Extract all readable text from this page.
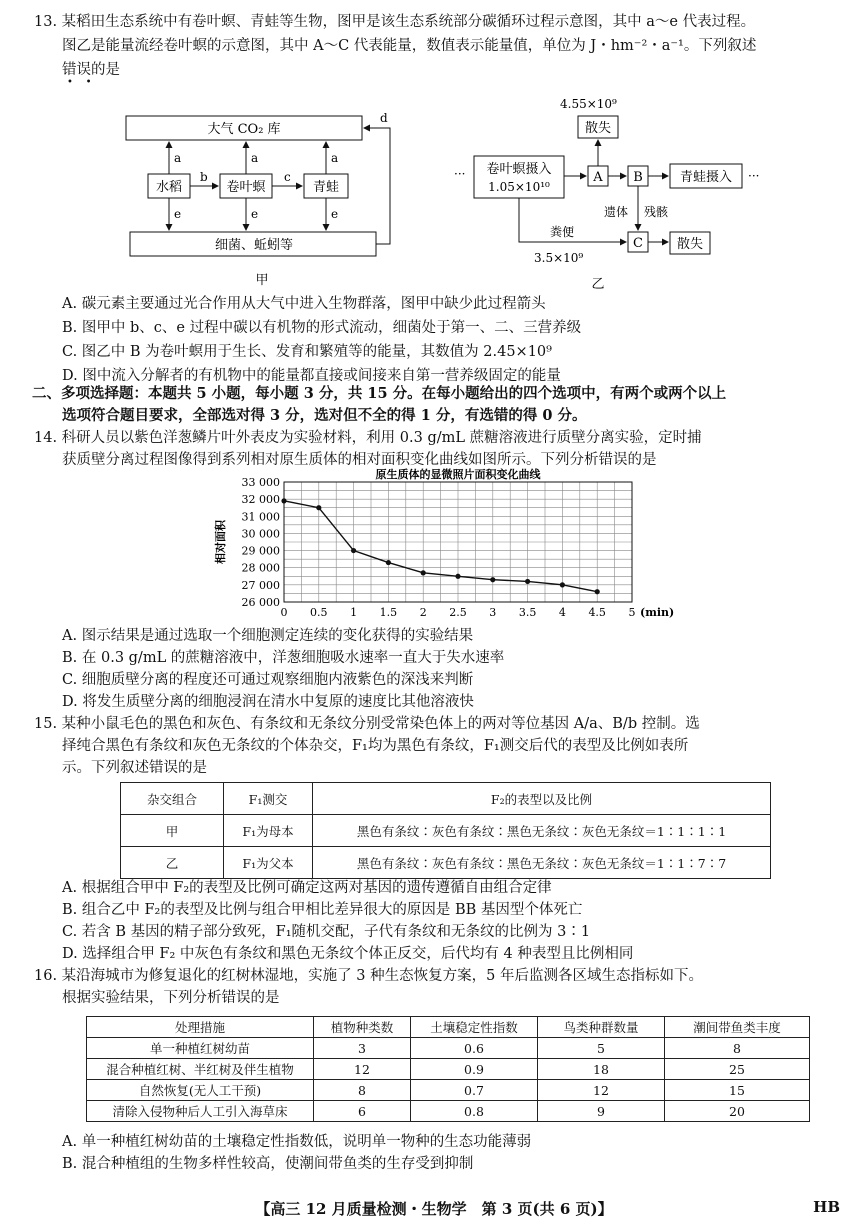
13. 某稻田生态系统中有卷叶螟、青蛙等生物，图甲是该生态系统部分碳循环过程示意图，其中 a～e 代表过程。
图乙是能量流经卷叶螟的示意图，其中 A～C 代表能量，数值表示能量值，单位为 J・hm⁻²・a⁻¹。下列叙述
错误的是
•    •
大气 CO₂ 库
水稻	卷叶螟	青蛙
细菌、蚯蚓等
a	a	a
b	c
e	e	e
d
甲
4.55×10⁹
散失
··· 卷叶螟摄入
1.05×10¹⁰
A B	青蛙摄入 ···
遗体 残骸
粪便
3.5×10⁹
C	散失
乙
A. 碳元素主要通过光合作用从大气中进入生物群落，图甲中缺少此过程箭头
B. 图甲中 b、c、e 过程中碳以有机物的形式流动，细菌处于第一、二、三营养级
C. 图乙中 B 为卷叶螟用于生长、发育和繁殖等的能量，其数值为 2.45×10⁹
D. 图中流入分解者的有机物中的能量都直接或间接来自第一营养级固定的能量
二、多项选择题：本题共 5 小题，每小题 3 分，共 15 分。在每小题给出的四个选项中，有两个或两个以上
选项符合题目要求，全部选对得 3 分，选对但不全的得 1 分，有选错的得 0 分。
14. 科研人员以紫色洋葱鳞片叶外表皮为实验材料，利用 0.3 g/mL 蔗糖溶液进行质壁分离实验，定时捕
获质壁分离过程图像得到系列相对原生质体的相对面积变化曲线如图所示。下列分析错误的是
原生质体的显微照片面积变化曲线
26 000
27 000
28 000
29 000
30 000
31 000
32 000
33 000
0 0.5 1 1.5 2 2.5 3 3.5 4 4.5 5 (min)
相对面积
A. 图示结果是通过选取一个细胞测定连续的变化获得的实验结果
B. 在 0.3 g/mL 的蔗糖溶液中，洋葱细胞吸水速率一直大于失水速率
C. 细胞质壁分离的程度还可通过观察细胞内液紫色的深浅来判断
D. 将发生质壁分离的细胞浸润在清水中复原的速度比其他溶液快
15. 某种小鼠毛色的黑色和灰色、有条纹和无条纹分别受常染色体上的两对等位基因 A/a、B/b 控制。选
择纯合黑色有条纹和灰色无条纹的个体杂交，F₁均为黑色有条纹，F₁测交后代的表型及比例如表所
示。下列叙述错误的是
杂交组合	F₁测交	F₂的表型以及比例
甲	F₁为母本	黑色有条纹∶灰色有条纹∶黑色无条纹∶灰色无条纹＝1∶1∶1∶1
乙	F₁为父本	黑色有条纹∶灰色有条纹∶黑色无条纹∶灰色无条纹＝1∶1∶7∶7
A. 根据组合甲中 F₂的表型及比例可确定这两对基因的遗传遵循自由组合定律
B. 组合乙中 F₂的表型及比例与组合甲相比差异很大的原因是 BB 基因型个体死亡
C. 若含 B 基因的精子部分致死，F₁随机交配，子代有条纹和无条纹的比例为 3∶1
D. 选择组合甲 F₂ 中灰色有条纹和黑色无条纹个体正反交，后代均有 4 种表型且比例相同
16. 某沿海城市为修复退化的红树林湿地，实施了 3 种生态恢复方案，5 年后监测各区域生态指标如下。
根据实验结果，下列分析错误的是
处理措施	植物种类数	土壤稳定性指数	鸟类种群数量	潮间带鱼类丰度
单一种植红树幼苗	3	0.6	5	8
混合种植红树、半红树及伴生植物	12	0.9	18	25
自然恢复(无人工干预)	8	0.7	12	15
清除入侵物种后人工引入海草床	6	0.8	9	20
A. 单一种植红树幼苗的土壤稳定性指数低，说明单一物种的生态功能薄弱
B. 混合种植组的生物多样性较高，使潮间带鱼类的生存受到抑制
【高三 12 月质量检测・生物学　第 3 页(共 6 页)】	HB
